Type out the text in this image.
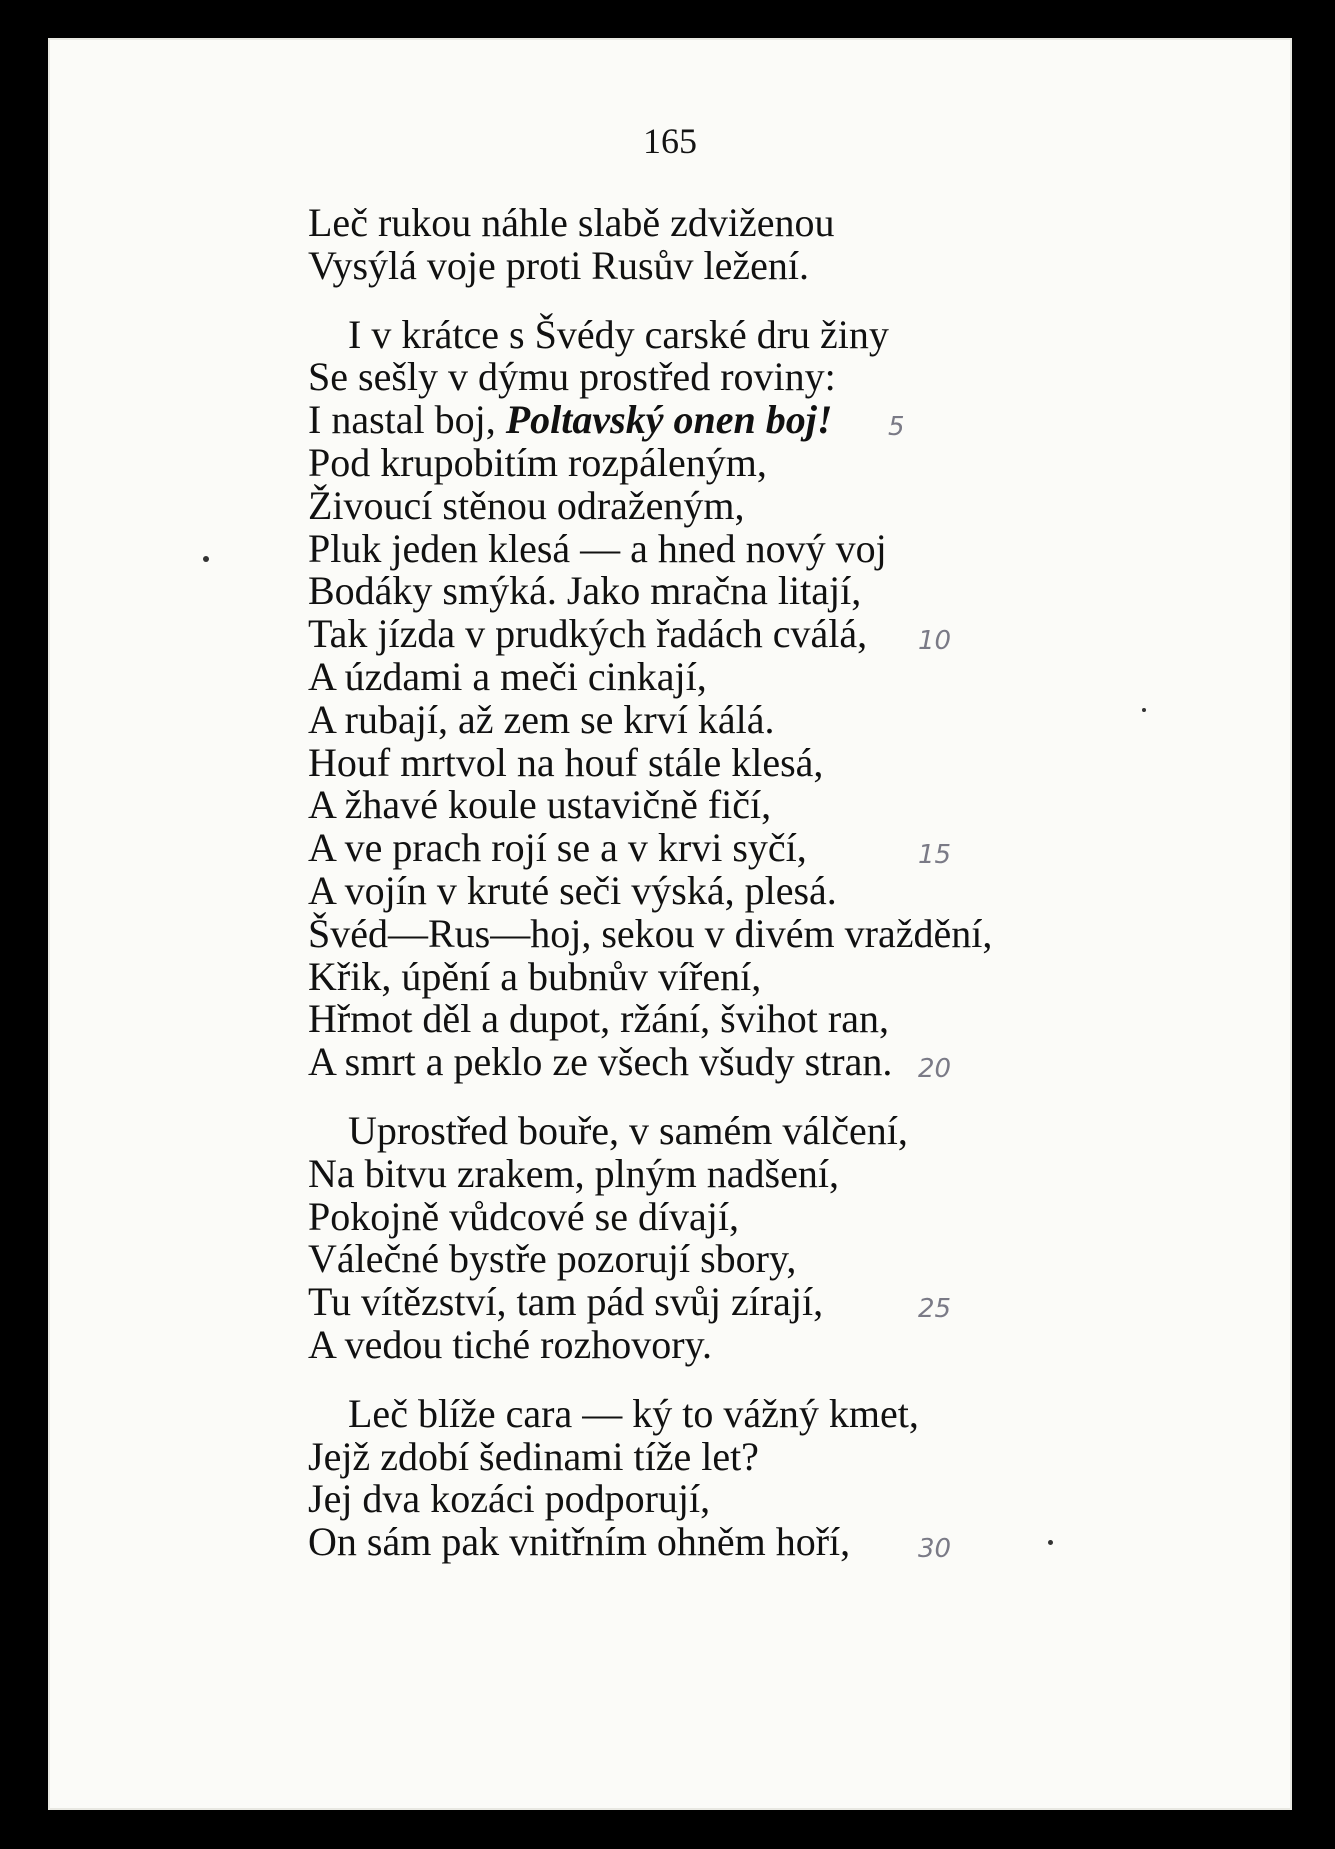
165
Leč rukou náhle slabě zdviženou
Vysýlá voje proti Rusův ležení.
I v krátce s Švédy carské dru žiny
Se sešly v dýmu prostřed roviny:
I nastal boj, Poltavský onen boj!	5
Pod krupobitím rozpáleným,
Živoucí stěnou odraženým,
Pluk jeden klesá — a hned nový voj
Bodáky smýká. Jako mračna litají,
Tak jízda v prudkých řadách cválá,	10
A úzdami a meči cinkají,
A rubají, až zem se krví kálá.
Houf mrtvol na houf stále klesá,
A žhavé koule ustavičně fičí,
A ve prach rojí se a v krvi syčí,	15
A vojín v kruté seči výská, plesá.
Švéd—Rus—hoj, sekou v divém vraždění,
Křik, úpění a bubnův víření,
Hřmot děl a dupot, ržání, švihot ran,
A smrt a peklo ze všech všudy stran. 20
Uprostřed bouře, v samém válčení,
Na bitvu zrakem, plným nadšení,
Pokojně vůdcové se dívají,
Válečné bystře pozorují sbory,
Tu vítězství, tam pád svůj zírají,	25
A vedou tiché rozhovory.
Leč blíže cara — ký to vážný kmet,
Jejž zdobí šedinami tíže let?
Jej dva kozáci podporují,
On sám pak vnitřním ohněm hoří,	30
